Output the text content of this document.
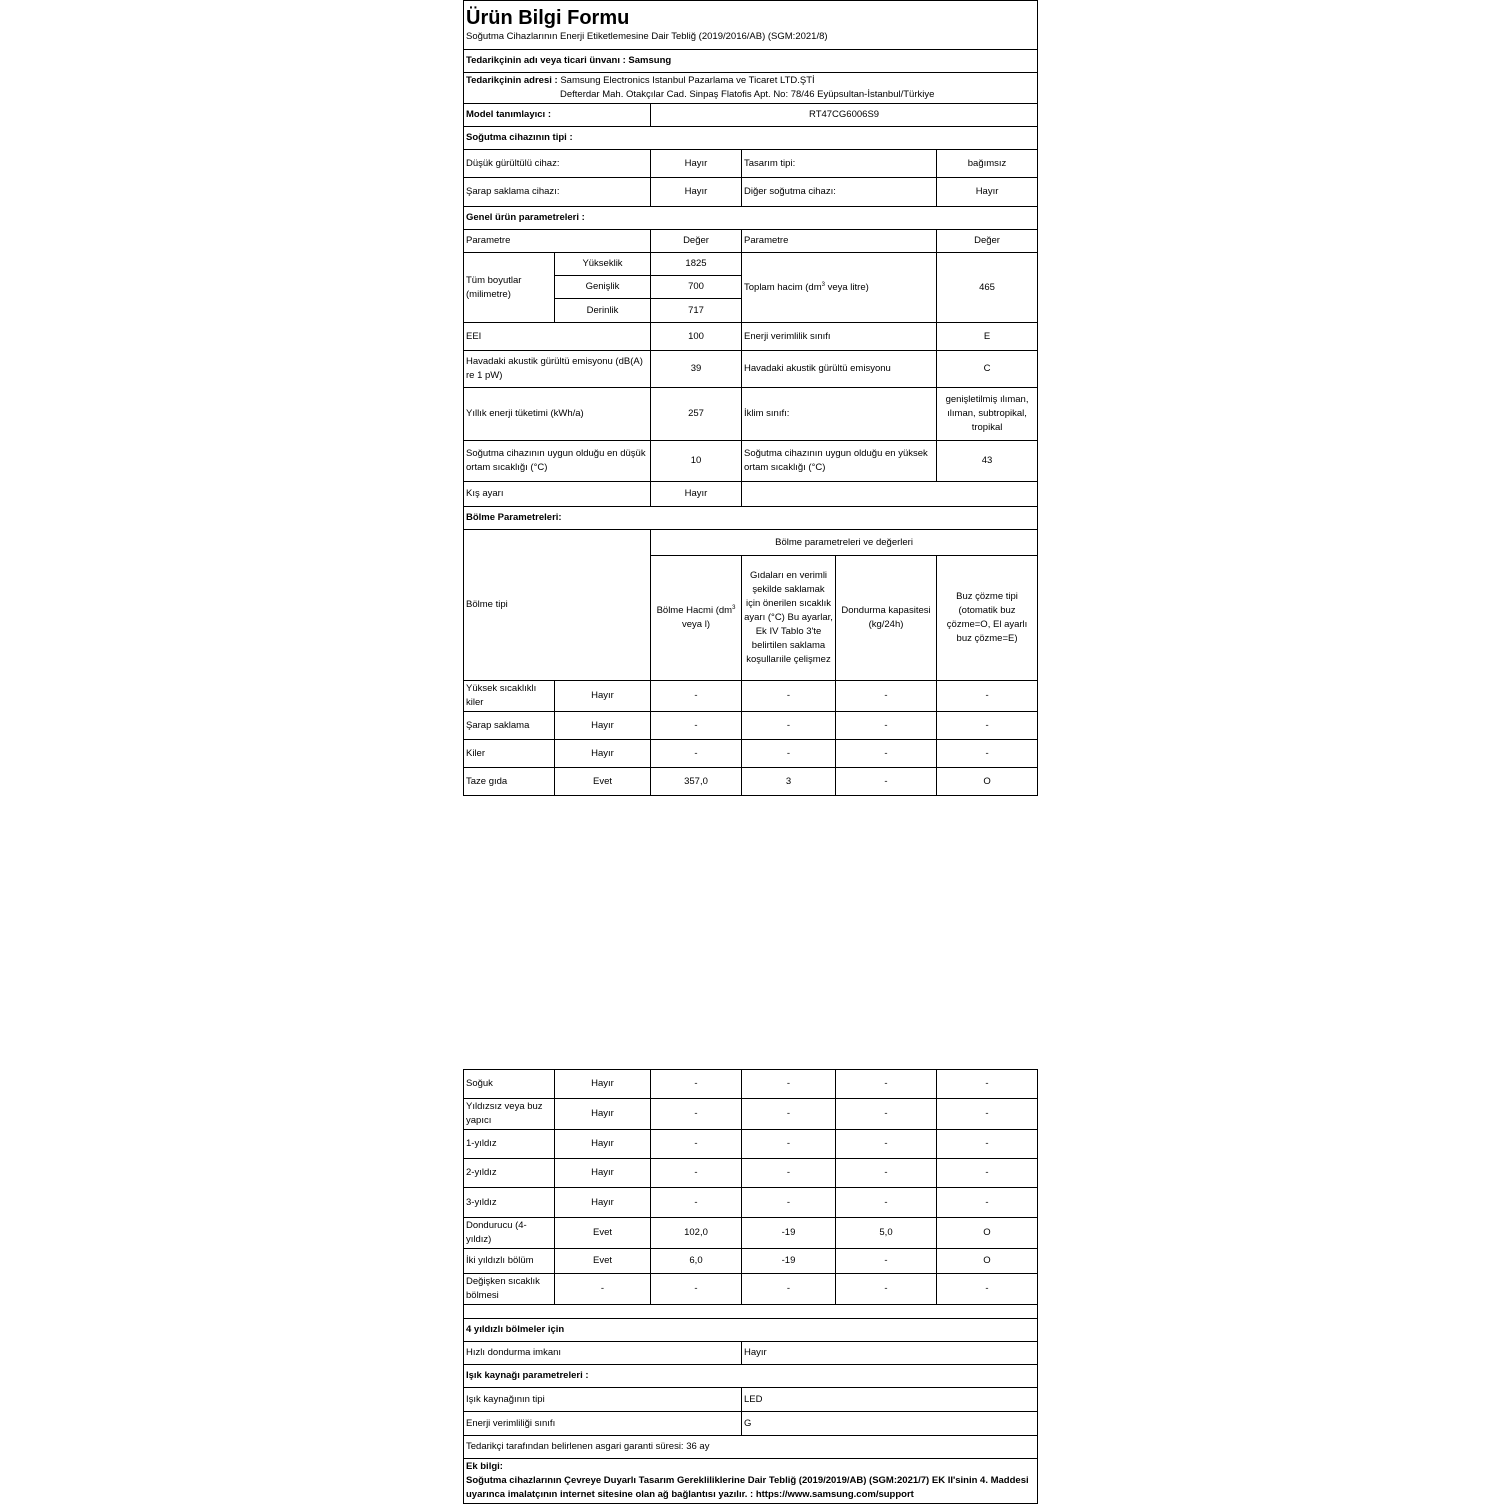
Ürün Bilgi Formu
Soğutma Cihazlarının Enerji Etiketlemesine Dair Tebliğ (2019/2016/AB) (SGM:2021/8)					

Tedarikçinin adı veya ticari ünvanı : Samsung					

Tedarikçinin adresi : Samsung Electronics Istanbul Pazarlama ve Ticaret LTD.ŞTİ
Defterdar Mah. Otakçılar Cad. Sinpaş Flatofis Apt. No: 78/46 Eyüpsultan-İstanbul/Türkiye					

Model tanımlayıcı :		RT47CG6006S9			
Soğutma cihazının tipi :					
Düşük gürültülü cihaz:		Hayır	Tasarım tipi:		bağımsız
Şarap saklama cihazı:		Hayır	Diğer soğutma cihazı:		Hayır
Genel ürün parametreleri :					
Parametre		Değer	Parametre		Değer
Tüm boyutlar (milimetre)	Yükseklik	1825	Toplam hacim ($dm^3$ veya litre)		465
	Genişlik	700			
	Derinlik	717			
EEI		100	Enerji verimlilik sınıfı		E
Havadaki akustik gürültü emisyonu (dB(A) re 1 pW)		39	Havadaki akustik gürültü emisyonu		C
Yıllık enerji tüketimi (kWh/a)		257	İklim sınıfı:		genişletilmiş ılıman, ılıman, subtropikal, tropikal
Soğutma cihazının uygun olduğu en düşük ortam sıcaklığı (°C)		10	Soğutma cihazının uygun olduğu en yüksek ortam sıcaklığı (°C)		43
Kış ayarı		Hayır			
Bölme Parametreleri:					
Bölme tipi		Bölme parametreleri ve değerleri			
		Bölme Hacmi ($dm^3$ veya l)	Gıdaları en verimli şekilde saklamak için önerilen sıcaklık ayarı (°C) Bu ayarlar, Ek IV Tablo 3'te belirtilen saklama koşullarıile çelişmez	Dondurma kapasitesi (kg/24h)	Buz çözme tipi (otomatik buz çözme=O, El ayarlı buz çözme=E)
Yüksek sıcaklıklı kiler	Hayır	-	-	-	-
Şarap saklama	Hayır	-	-	-	-
Kiler	Hayır	-	-	-	-
Taze gıda	Evet	357,0	3	-	O
Soğuk	Hayır	-	-	-	-
Yıldızsız veya buz yapıcı	Hayır	-	-	-	-
1-yıldız	Hayır	-	-	-	-
2-yıldız	Hayır	-	-	-	-
3-yıldız	Hayır	-	-	-	-
Dondurucu (4-yıldız)	Evet	102,0	-19	5,0	O
İki yıldızlı bölüm	Evet	6,0	-19	-	O
Değişken sıcaklık bölmesi	-	-	-	-	-

4 yıldızlı bölmeler için					
Hızlı dondurma imkanı			Hayır		
Işık kaynağı parametreleri :					
Işık kaynağının tipi			LED		
Enerji verimliliği sınıfı			G		
Tedarikçi tarafından belirlenen asgari garanti süresi: 36 ay					

Ek bilgi:
Soğutma cihazlarının Çevreye Duyarlı Tasarım Gerekliliklerine Dair Tebliğ (2019/2019/AB) (SGM:2021/7) EK II'sinin 4. Maddesi uyarınca imalatçının internet sitesine olan ağ bağlantısı yazılır. : https://www.samsung.com/support					
